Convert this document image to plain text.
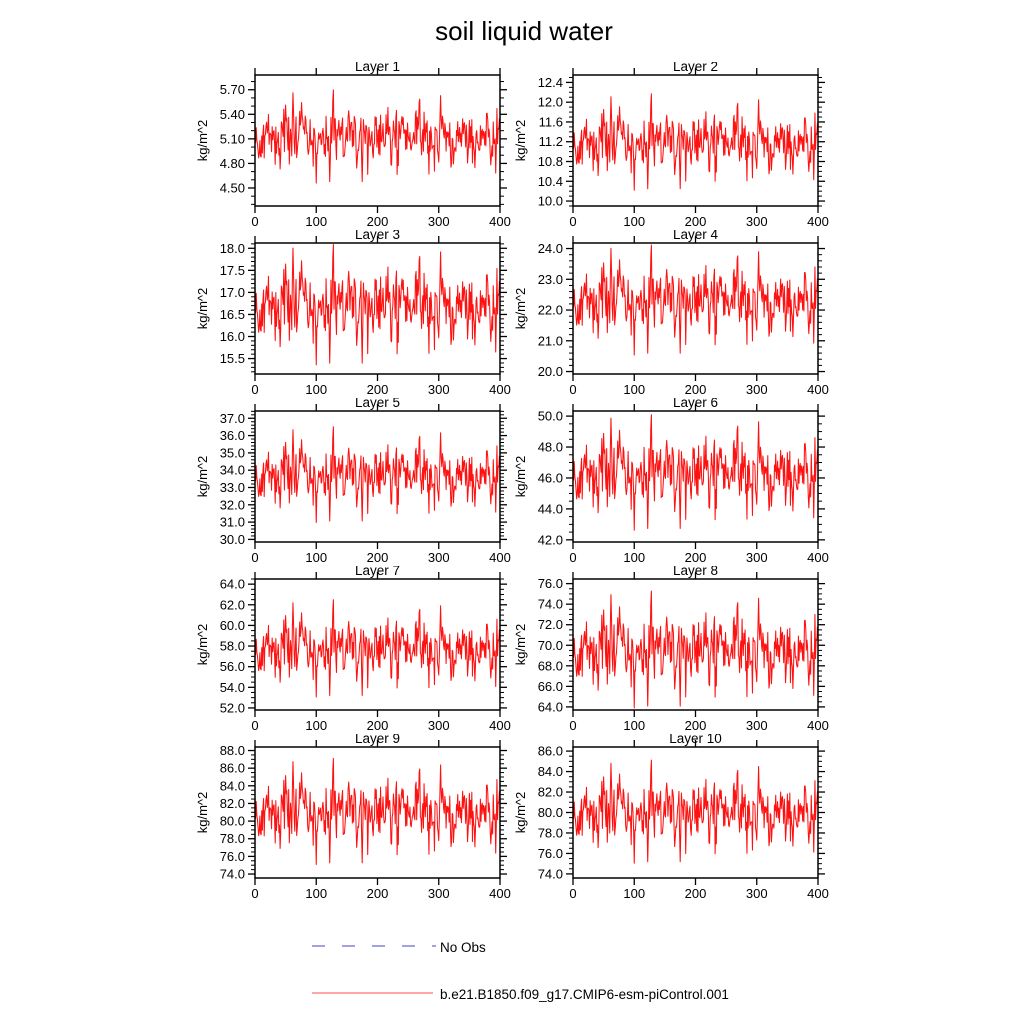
soil liquid water
Layer 1
kg/m^2
4.50
4.80
5.10
5.40
5.70
0	100	200	300	400
Layer 2
kg/m^2
10.0
10.4
10.8
11.2
11.6
12.0
12.4
0	100	200	300	400
Layer 3
kg/m^2
15.5
16.0
16.5
17.0
17.5
18.0
0	100	200	300	400
Layer 4
kg/m^2
20.0
21.0
22.0
23.0
24.0
0	100	200	300	400
Layer 5
kg/m^2
30.0
31.0
32.0
33.0
34.0
35.0
36.0
37.0
0	100	200	300	400
Layer 6
kg/m^2
42.0
44.0
46.0
48.0
50.0
0	100	200	300	400
Layer 7
kg/m^2
52.0
54.0
56.0
58.0
60.0
62.0
64.0
0	100	200	300	400
Layer 8
kg/m^2
64.0
66.0
68.0
70.0
72.0
74.0
76.0
0	100	200	300	400
Layer 9
kg/m^2
74.0
76.0
78.0
80.0
82.0
84.0
86.0
88.0
0	100	200	300	400
Layer 10
kg/m^2
74.0
76.0
78.0
80.0
82.0
84.0
86.0
0	100	200	300	400
No Obs
b.e21.B1850.f09_g17.CMIP6-esm-piControl.001
